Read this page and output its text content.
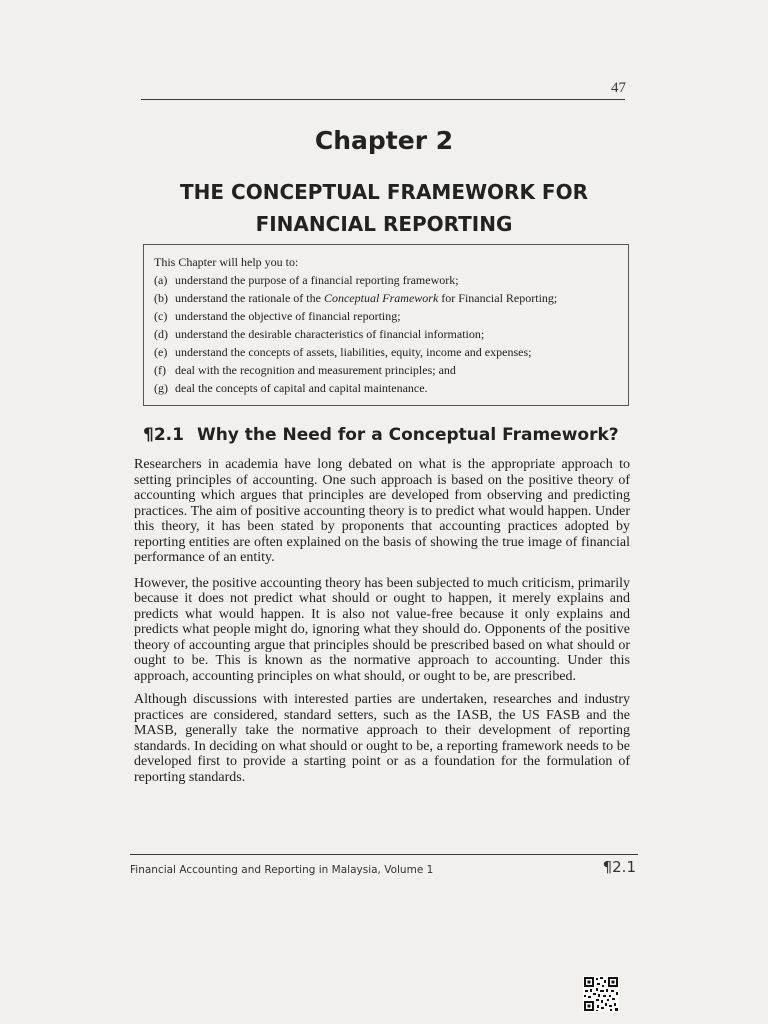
47
Chapter 2
THE CONCEPTUAL FRAMEWORK FOR FINANCIAL REPORTING
This Chapter will help you to:
(a) understand the purpose of a financial reporting framework;
(b) understand the rationale of the Conceptual Framework for Financial Reporting;
(c) understand the objective of financial reporting;
(d) understand the desirable characteristics of financial information;
(e) understand the concepts of assets, liabilities, equity, income and expenses;
(f) deal with the recognition and measurement principles; and
(g) deal the concepts of capital and capital maintenance.
¶2.1 Why the Need for a Conceptual Framework?

Researchers in academia have long debated on what is the appropriate approach to setting principles of accounting. One such approach is based on the positive theory of accounting which argues that principles are developed from observing and predicting practices. The aim of positive accounting theory is to predict what would happen. Under this theory, it has been stated by proponents that accounting practices adopted by reporting entities are often explained on the basis of showing the true image of financial performance of an entity.

However, the positive accounting theory has been subjected to much criticism, primarily because it does not predict what should or ought to happen, it merely explains and predicts what would happen. It is also not value-free because it only explains and predicts what people might do, ignoring what they should do. Opponents of the positive theory of accounting argue that principles should be prescribed based on what should or ought to be. This is known as the normative approach to accounting. Under this approach, accounting principles on what should, or ought to be, are prescribed.

Although discussions with interested parties are undertaken, researches and industry practices are considered, standard setters, such as the IASB, the US FASB and the MASB, generally take the normative approach to their development of reporting standards. In deciding on what should or ought to be, a reporting framework needs to be developed first to provide a starting point or as a foundation for the formulation of reporting standards.

Financial Accounting and Reporting in Malaysia, Volume 1	¶2.1
